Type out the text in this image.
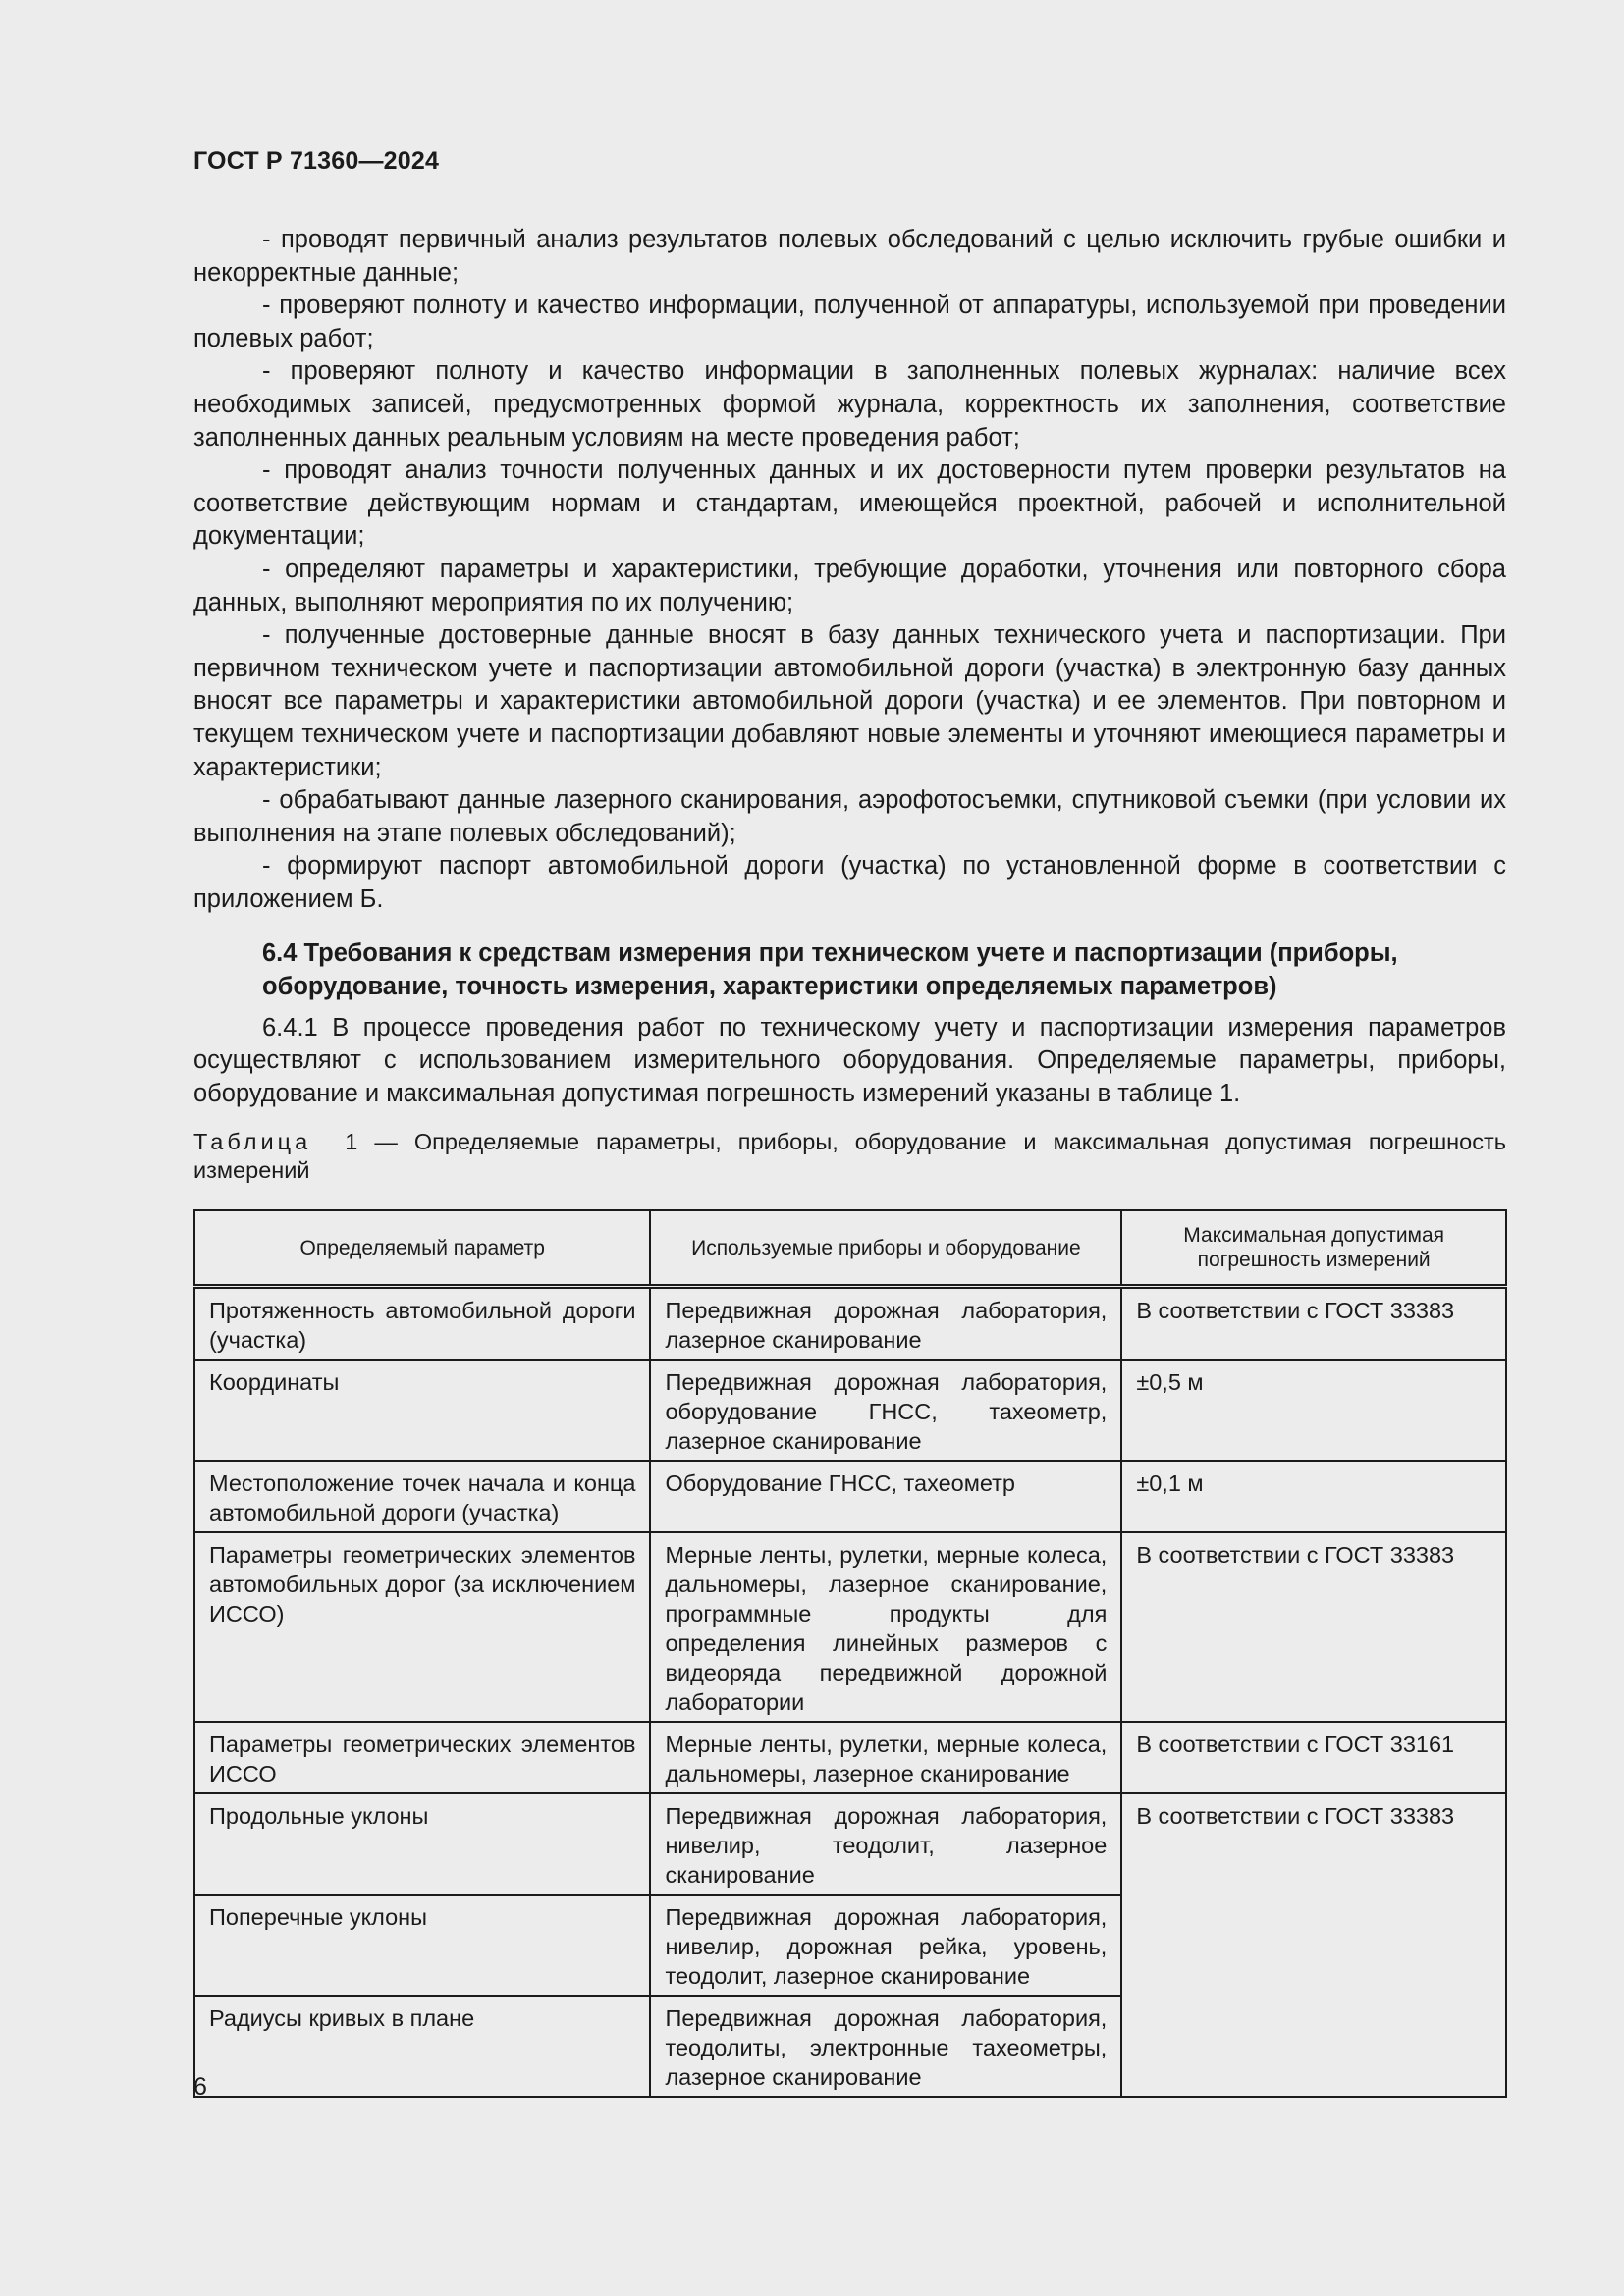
ГОСТ Р 71360—2024

- проводят первичный анализ результатов полевых обследований с целью исключить грубые ошибки и некорректные данные;

- проверяют полноту и качество информации, полученной от аппаратуры, используемой при проведении полевых работ;

- проверяют полноту и качество информации в заполненных полевых журналах: наличие всех необходимых записей, предусмотренных формой журнала, корректность их заполнения, соответствие заполненных данных реальным условиям на месте проведения работ;

- проводят анализ точности полученных данных и их достоверности путем проверки результатов на соответствие действующим нормам и стандартам, имеющейся проектной, рабочей и исполнительной документации;

- определяют параметры и характеристики, требующие доработки, уточнения или повторного сбора данных, выполняют мероприятия по их получению;

- полученные достоверные данные вносят в базу данных технического учета и паспортизации. При первичном техническом учете и паспортизации автомобильной дороги (участка) в электронную базу данных вносят все параметры и характеристики автомобильной дороги (участка) и ее элементов. При повторном и текущем техническом учете и паспортизации добавляют новые элементы и уточняют имеющиеся параметры и характеристики;

- обрабатывают данные лазерного сканирования, аэрофотосъемки, спутниковой съемки (при условии их выполнения на этапе полевых обследований);

- формируют паспорт автомобильной дороги (участка) по установленной форме в соответствии с приложением Б.

6.4 Требования к средствам измерения при техническом учете и паспортизации (приборы, оборудование, точность измерения, характеристики определяемых параметров)

6.4.1 В процессе проведения работ по техническому учету и паспортизации измерения параметров осуществляют с использованием измерительного оборудования. Определяемые параметры, приборы, оборудование и максимальная допустимая погрешность измерений указаны в таблице 1.

Таблица 1 — Определяемые параметры, приборы, оборудование и максимальная допустимая погрешность измерений

Определяемый параметр	Используемые приборы и оборудование	Максимальная допустимая погрешность измерений
Протяженность автомобильной дороги (участка)	Передвижная дорожная лаборатория, лазерное сканирование	В соответствии с ГОСТ 33383
Координаты	Передвижная дорожная лаборатория, оборудование ГНСС, тахеометр, лазерное сканирование	±0,5 м
Местоположение точек начала и конца автомобильной дороги (участка)	Оборудование ГНСС, тахеометр	±0,1 м
Параметры геометрических элементов автомобильных дорог (за исключением ИССО)	Мерные ленты, рулетки, мерные колеса, дальномеры, лазерное сканирование, программные продукты для определения линейных размеров с видеоряда передвижной дорожной лаборатории	В соответствии с ГОСТ 33383
Параметры геометрических элементов ИССО	Мерные ленты, рулетки, мерные колеса, дальномеры, лазерное сканирование	В соответствии с ГОСТ 33161
Продольные уклоны	Передвижная дорожная лаборатория, нивелир, теодолит, лазерное сканирование	В соответствии с ГОСТ 33383
Поперечные уклоны	Передвижная дорожная лаборатория, нивелир, дорожная рейка, уровень, теодолит, лазерное сканирование	
Радиусы кривых в плане	Передвижная дорожная лаборатория, теодолиты, электронные тахеометры, лазерное сканирование	
6
